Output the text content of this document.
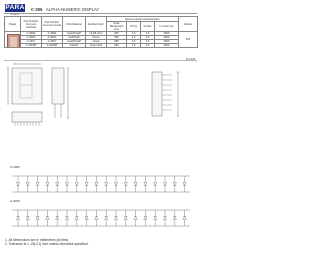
PARA
LIGHT
C-306 ALPHA-NUMERIC DISPLAY
Shape	Part Number Common Cathode	Part Number Common Anode	Chip Material	Emitted Color	Electro-optical Characteristics				Outline
					Peak Wavelength (nm)	Vf Typ	Vf Max	Iv (mcd) Typ	

	C-306E	A-306E	GaAsP/GaP	Hi-Eff. Red	635	2.0	2.5	3000	306
	C-306G	A-306G	GaP/GaP	Green	565	2.0	2.5	3000	
	C-306Y	A-306Y	GaAsP/GaP	Yellow	585	2.0	2.5	3000	
	C-306SR	A-306SR	GaAlAs	Super Red	660	1.8	2.5	3000	
Fig.306
C-306X
A-306X
1. All dimensions are in millimeters (inches).
2. Tolerance is ± .25(.01) inch unless otherwise specified.
